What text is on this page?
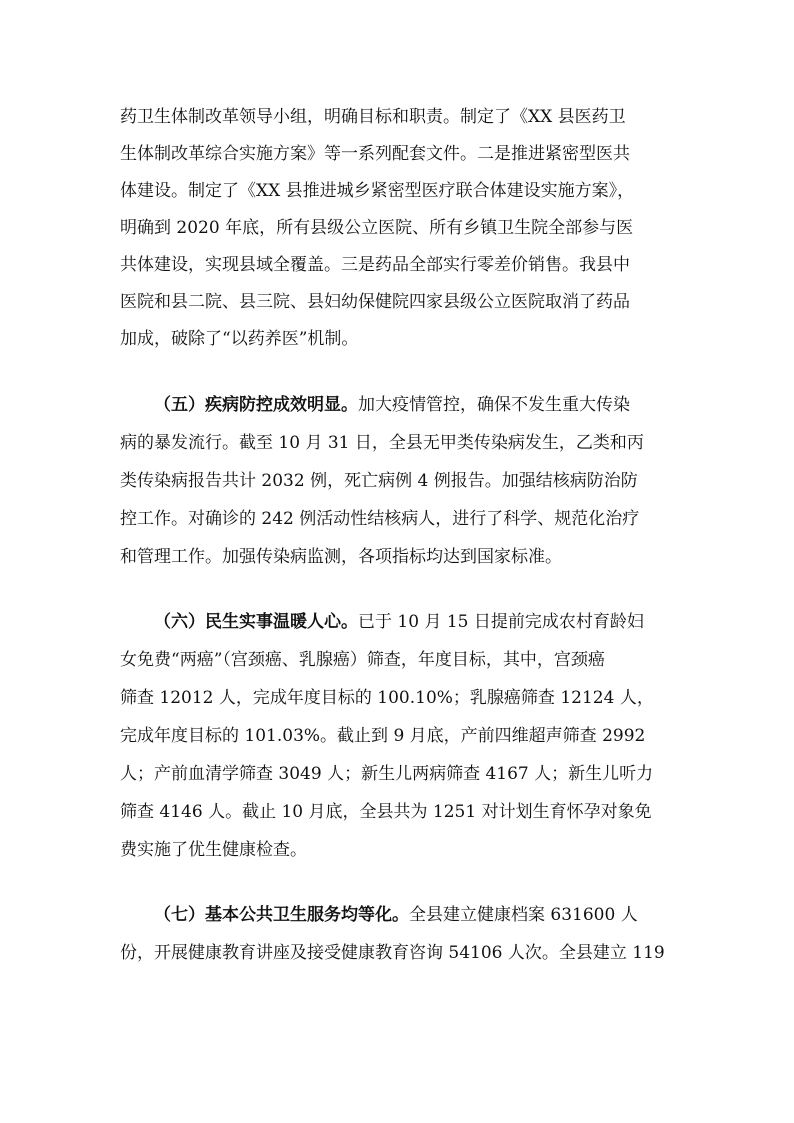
药卫生体制改革领导小组，明确目标和职责。制定了《XX 县医药卫
生体制改革综合实施方案》等一系列配套文件。二是推进紧密型医共
体建设。制定了《XX 县推进城乡紧密型医疗联合体建设实施方案》，
明确到 2020 年底，所有县级公立医院、所有乡镇卫生院全部参与医
共体建设，实现县域全覆盖。三是药品全部实行零差价销售。我县中
医院和县二院、县三院、县妇幼保健院四家县级公立医院取消了药品
加成，破除了“以药养医”机制。
（五）疾病防控成效明显。加大疫情管控，确保不发生重大传染
病的暴发流行。截至 10 月 31 日，全县无甲类传染病发生，乙类和丙
类传染病报告共计 2032 例，死亡病例 4 例报告。加强结核病防治防
控工作。对确诊的 242 例活动性结核病人，进行了科学、规范化治疗
和管理工作。加强传染病监测，各项指标均达到国家标准。
（六）民生实事温暖人心。已于 10 月 15 日提前完成农村育龄妇
女免费“两癌”（宫颈癌、乳腺癌）筛查，年度目标，其中，宫颈癌
筛查 12012 人，完成年度目标的 100.10%；乳腺癌筛查 12124 人，
完成年度目标的 101.03%。截止到 9 月底，产前四维超声筛查 2992
人；产前血清学筛查 3049 人；新生儿两病筛查 4167 人；新生儿听力
筛查 4146 人。截止 10 月底，全县共为 1251 对计划生育怀孕对象免
费实施了优生健康检查。
（七）基本公共卫生服务均等化。全县建立健康档案 631600 人
份，开展健康教育讲座及接受健康教育咨询 54106 人次。全县建立 119
